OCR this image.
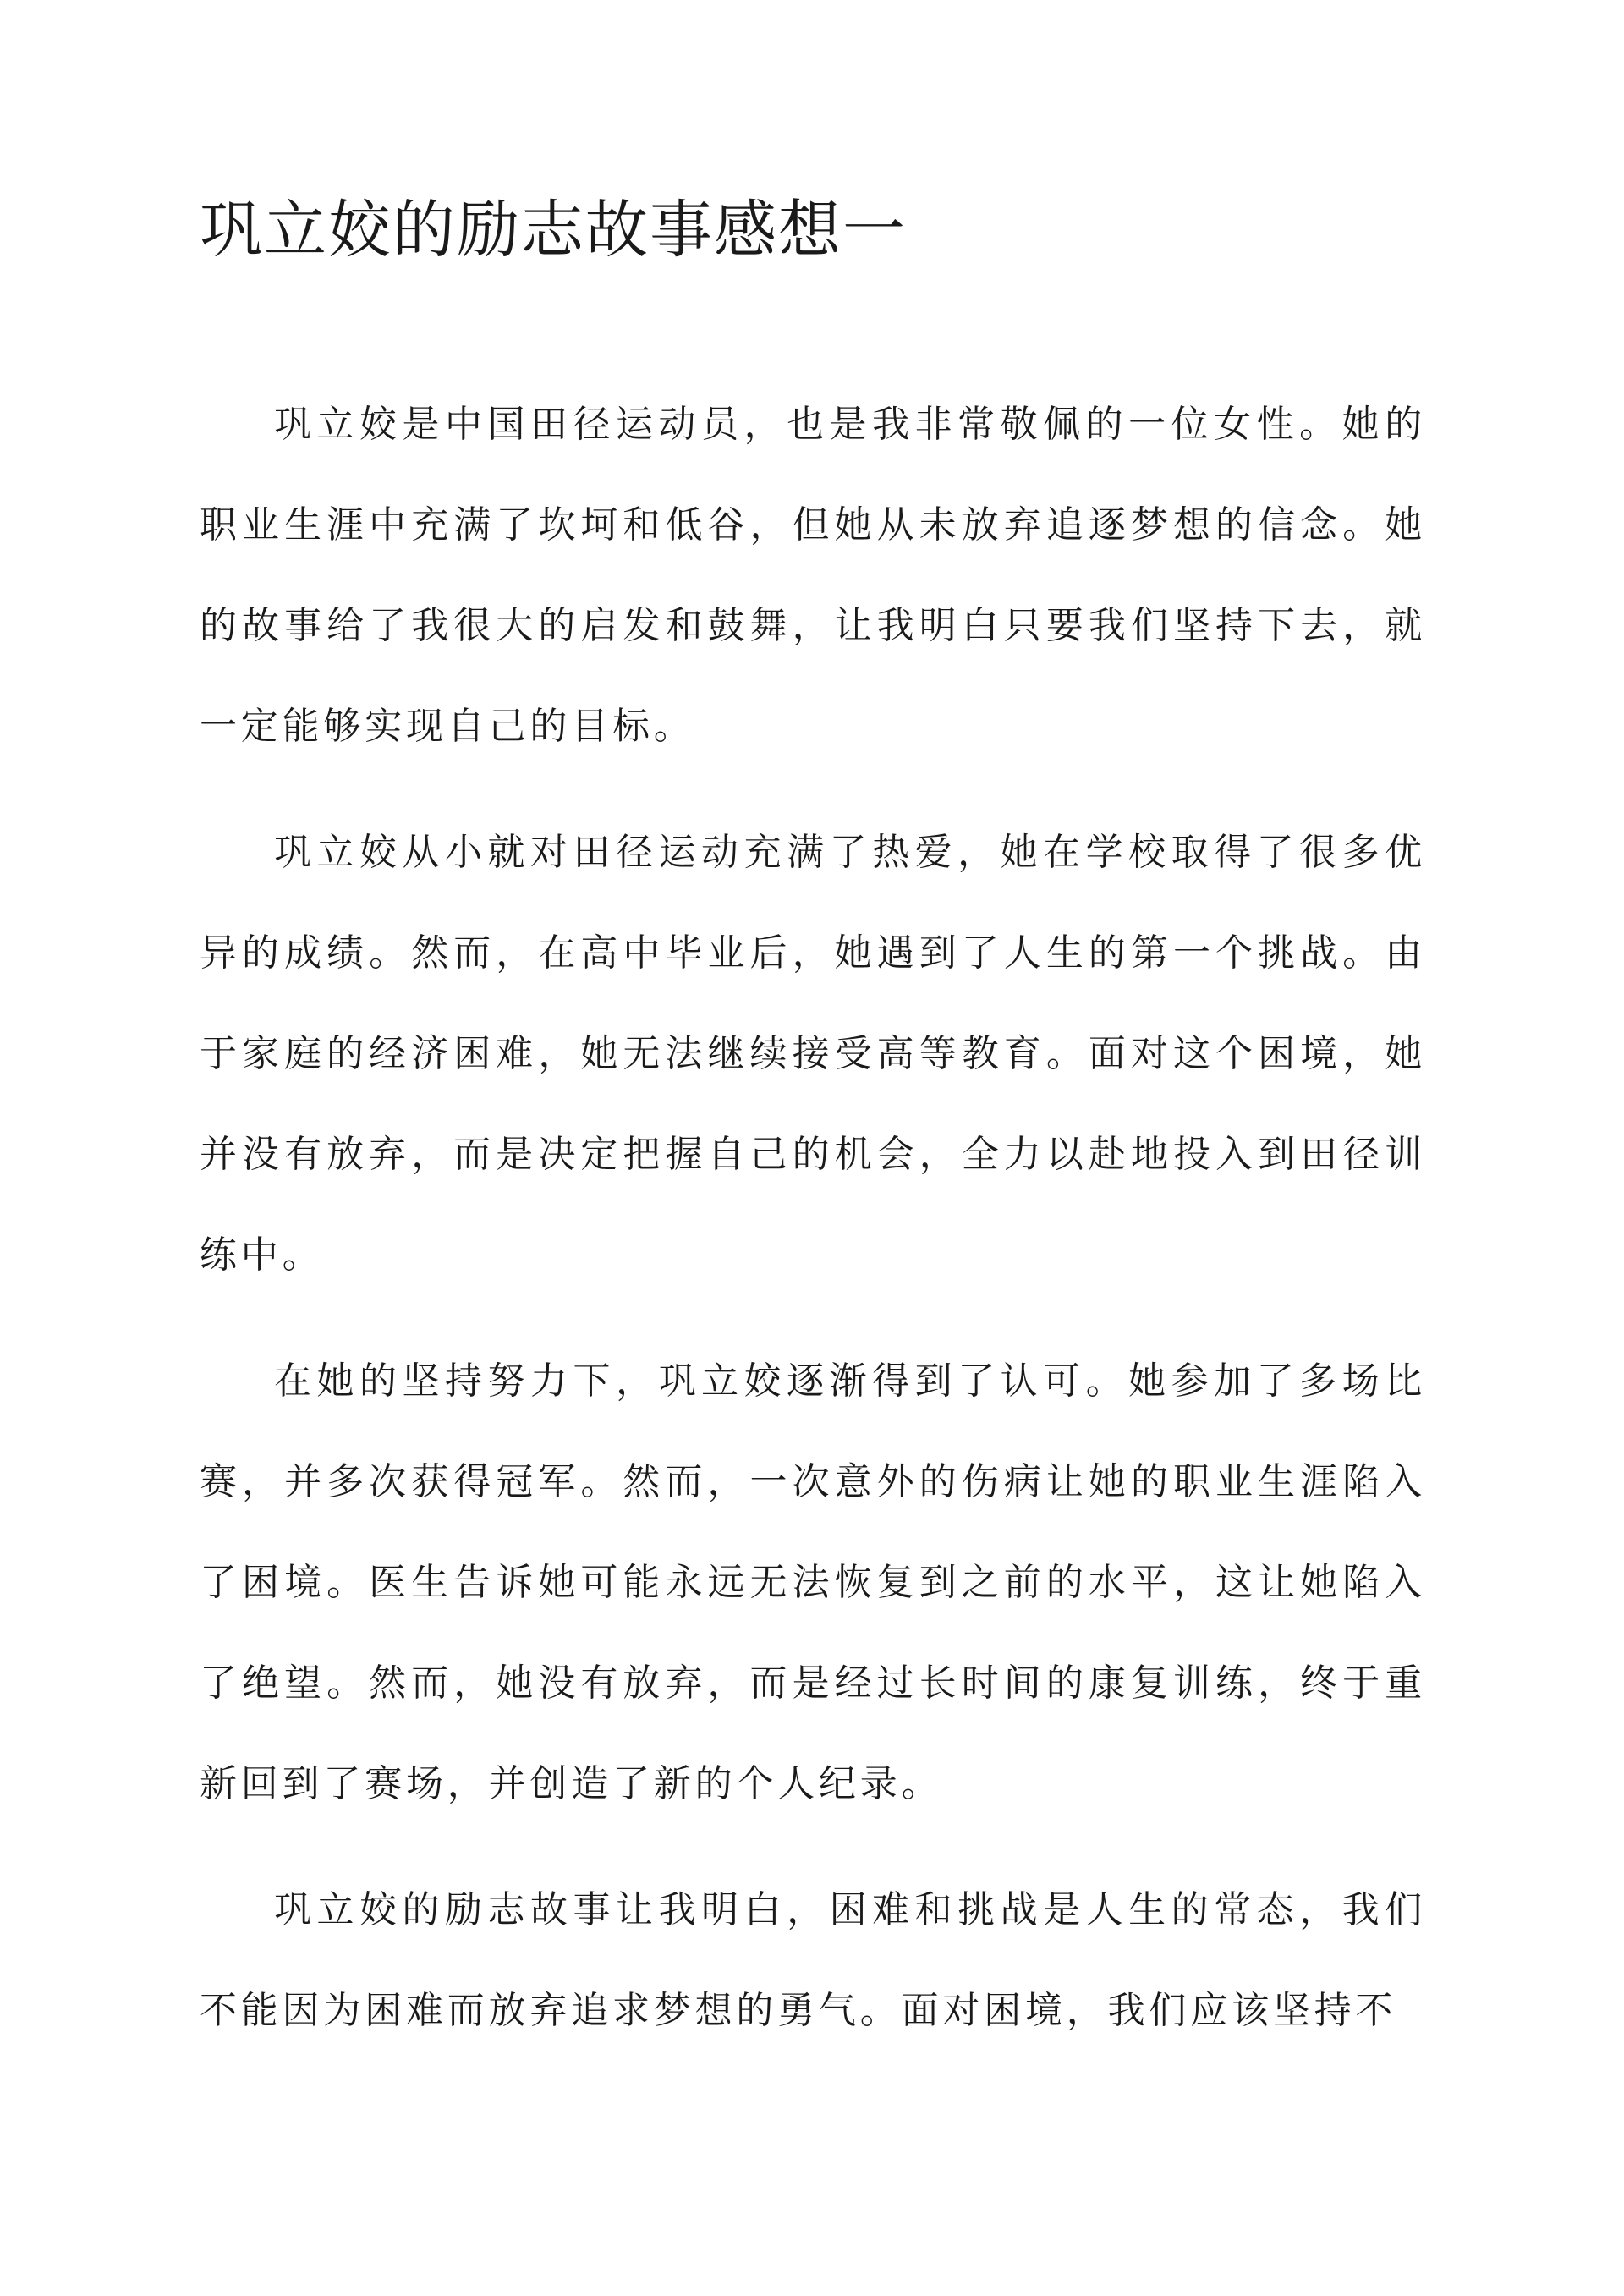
巩立姣的励志故事感想一

巩立姣是中国田径运动员，也是我非常敬佩的一位女性。她的职业生涯中充满了坎坷和低谷，但她从未放弃追逐梦想的信念。她的故事给了我很大的启发和鼓舞，让我明白只要我们坚持下去，就一定能够实现自己的目标。

巩立姣从小就对田径运动充满了热爱，她在学校取得了很多优异的成绩。然而，在高中毕业后，她遇到了人生的第一个挑战。由于家庭的经济困难，她无法继续接受高等教育。面对这个困境，她并没有放弃，而是决定把握自己的机会，全力以赴地投入到田径训练中。

在她的坚持努力下，巩立姣逐渐得到了认可。她参加了多场比赛，并多次获得冠军。然而，一次意外的伤病让她的职业生涯陷入了困境。医生告诉她可能永远无法恢复到之前的水平，这让她陷入了绝望。然而，她没有放弃，而是经过长时间的康复训练，终于重新回到了赛场，并创造了新的个人纪录。

巩立姣的励志故事让我明白，困难和挑战是人生的常态，我们不能因为困难而放弃追求梦想的勇气。面对困境，我们应该坚持不
